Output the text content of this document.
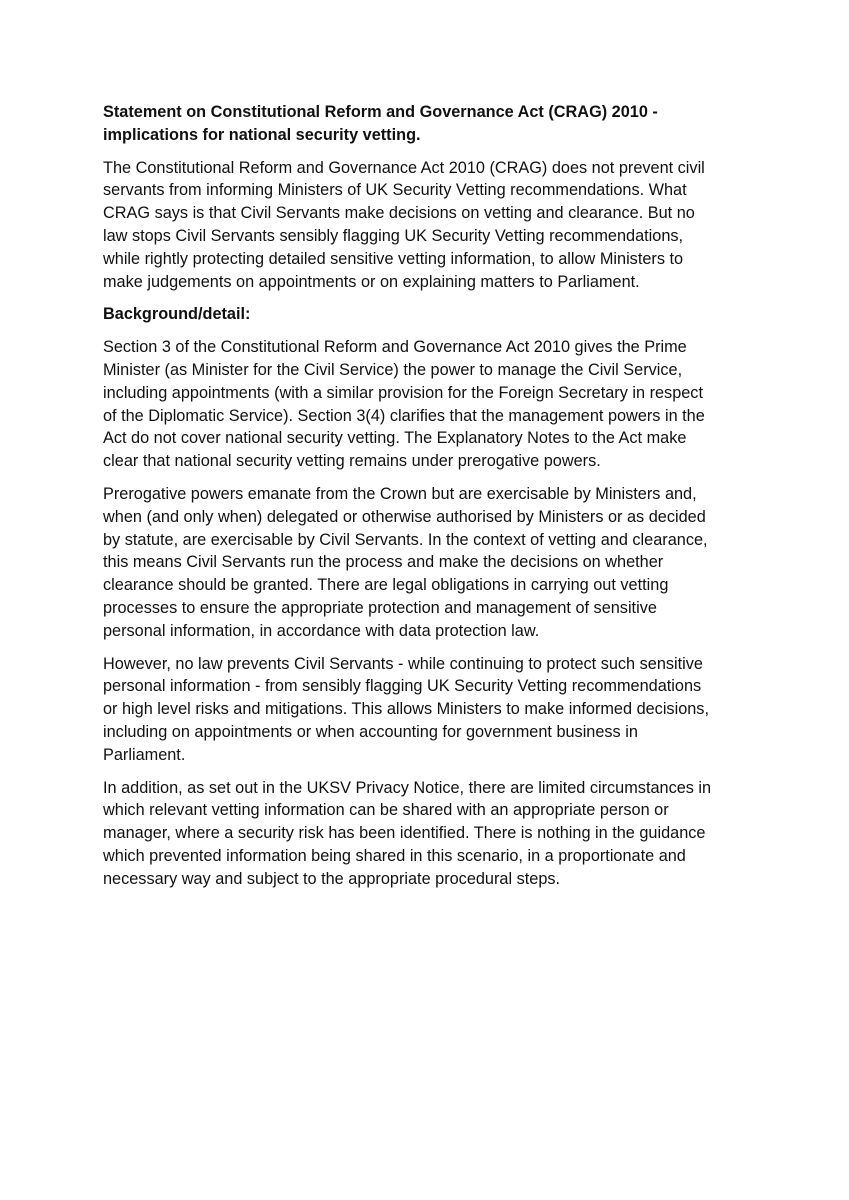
Statement on Constitutional Reform and Governance Act (CRAG) 2010 -
implications for national security vetting.

The Constitutional Reform and Governance Act 2010 (CRAG) does not prevent civil
servants from informing Ministers of UK Security Vetting recommendations. What
CRAG says is that Civil Servants make decisions on vetting and clearance. But no
law stops Civil Servants sensibly flagging UK Security Vetting recommendations,
while rightly protecting detailed sensitive vetting information, to allow Ministers to
make judgements on appointments or on explaining matters to Parliament.

Background/detail:

Section 3 of the Constitutional Reform and Governance Act 2010 gives the Prime
Minister (as Minister for the Civil Service) the power to manage the Civil Service,
including appointments (with a similar provision for the Foreign Secretary in respect
of the Diplomatic Service). Section 3(4) clarifies that the management powers in the
Act do not cover national security vetting. The Explanatory Notes to the Act make
clear that national security vetting remains under prerogative powers.

Prerogative powers emanate from the Crown but are exercisable by Ministers and,
when (and only when) delegated or otherwise authorised by Ministers or as decided
by statute, are exercisable by Civil Servants. In the context of vetting and clearance,
this means Civil Servants run the process and make the decisions on whether
clearance should be granted. There are legal obligations in carrying out vetting
processes to ensure the appropriate protection and management of sensitive
personal information, in accordance with data protection law.

However, no law prevents Civil Servants - while continuing to protect such sensitive
personal information - from sensibly flagging UK Security Vetting recommendations
or high level risks and mitigations. This allows Ministers to make informed decisions,
including on appointments or when accounting for government business in
Parliament.

In addition, as set out in the UKSV Privacy Notice, there are limited circumstances in
which relevant vetting information can be shared with an appropriate person or
manager, where a security risk has been identified. There is nothing in the guidance
which prevented information being shared in this scenario, in a proportionate and
necessary way and subject to the appropriate procedural steps.
